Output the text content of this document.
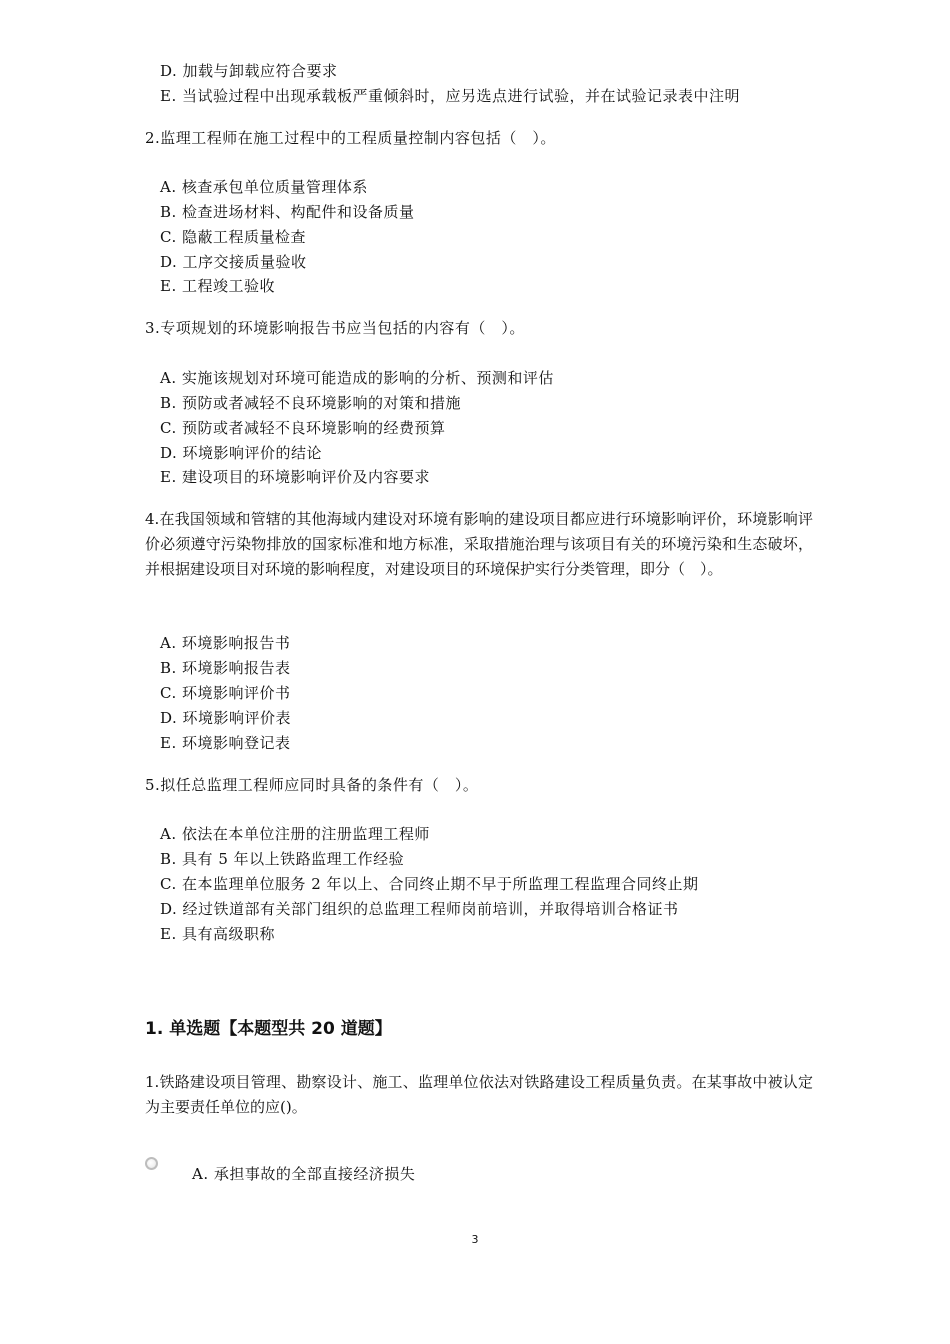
D. 加载与卸载应符合要求
E. 当试验过程中出现承载板严重倾斜时，应另选点进行试验，并在试验记录表中注明
2.监理工程师在施工过程中的工程质量控制内容包括（　）。
A. 核查承包单位质量管理体系
B. 检查进场材料、构配件和设备质量
C. 隐蔽工程质量检查
D. 工序交接质量验收
E. 工程竣工验收
3.专项规划的环境影响报告书应当包括的内容有（　）。
A. 实施该规划对环境可能造成的影响的分析、预测和评估
B. 预防或者减轻不良环境影响的对策和措施
C. 预防或者减轻不良环境影响的经费预算
D. 环境影响评价的结论
E. 建设项目的环境影响评价及内容要求
4.在我国领域和管辖的其他海域内建设对环境有影响的建设项目都应进行环境影响评价，环境影响评价必须遵守污染物排放的国家标准和地方标准，采取措施治理与该项目有关的环境污染和生态破坏，并根据建设项目对环境的影响程度，对建设项目的环境保护实行分类管理，即分（　）。
A. 环境影响报告书
B. 环境影响报告表
C. 环境影响评价书
D. 环境影响评价表
E. 环境影响登记表
5.拟任总监理工程师应同时具备的条件有（　）。
A. 依法在本单位注册的注册监理工程师
B. 具有 5 年以上铁路监理工作经验
C. 在本监理单位服务 2 年以上、合同终止期不早于所监理工程监理合同终止期
D. 经过铁道部有关部门组织的总监理工程师岗前培训，并取得培训合格证书
E. 具有高级职称
1. 单选题【本题型共 20 道题】
1.铁路建设项目管理、勘察设计、施工、监理单位依法对铁路建设工程质量负责。在某事故中被认定为主要责任单位的应()。
A. 承担事故的全部直接经济损失
3
